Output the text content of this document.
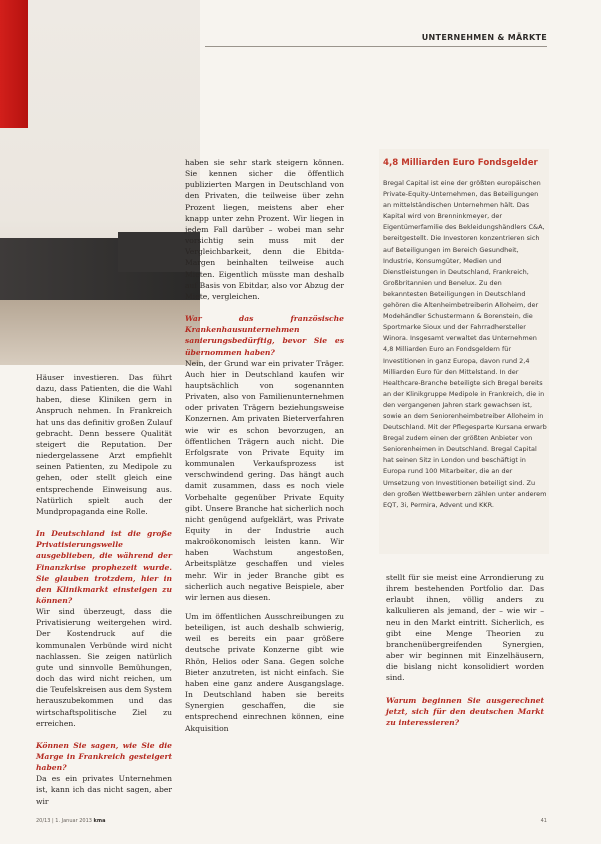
UNTERNEHMEN & MÄRKTE

Häuser investieren. Das führt dazu, dass Patienten, die die Wahl haben, diese Kliniken gern in Anspruch nehmen. In Frankreich hat uns das definitiv großen Zulauf gebracht. Denn bessere Qualität steigert die Reputation. Der niedergelassene Arzt empfiehlt seinen Patienten, zu Medipole zu gehen, oder stellt gleich eine entsprechende Einweisung aus. Natürlich spielt auch der Mundpropaganda eine Rolle.

In Deutschland ist die große Privatisierungswelle ausgeblieben, die während der Finanzkrise prophezeit wurde. Sie glauben trotzdem, hier in den Klinikmarkt einsteigen zu können?

Wir sind überzeugt, dass die Privatisierung weitergehen wird. Der Kostendruck auf die kommunalen Verbünde wird nicht nachlassen. Sie zeigen natürlich gute und sinnvolle Bemühungen, doch das wird nicht reichen, um die Teufelskreisen aus dem System herauszubekommen und das wirtschaftspolitische Ziel zu erreichen.

Können Sie sagen, wie Sie die Marge in Frankreich gesteigert haben?

Da es ein privates Unternehmen ist, kann ich das nicht sagen, aber wir

haben sie sehr stark steigern können. Sie kennen sicher die öffentlich publizierten Margen in Deutschland von den Privaten, die teilweise über zehn Prozent liegen, meistens aber eher knapp unter zehn Prozent. Wir liegen in jedem Fall darüber – wobei man sehr vorsichtig sein muss mit der Vergleichbarkeit, denn die Ebitda-Margen beinhalten teilweise auch Mieten. Eigentlich müsste man deshalb auf Basis von Ebitdar, also vor Abzug der Miete, vergleichen.

War das französische Krankenhausunternehmen sanierungsbedürftig, bevor Sie es übernommen haben?

Nein, der Grund war ein privater Träger. Auch hier in Deutschland kaufen wir hauptsächlich von sogenannten Privaten, also von Familienunternehmen oder privaten Trägern beziehungsweise Konzernen. Am privaten Bieterverfahren wie wir es schon bevorzugen, an öffentlichen Trägern auch nicht. Die Erfolgsrate von Private Equity im kommunalen Verkaufsprozess ist verschwindend gering. Das hängt auch damit zusammen, dass es noch viele Vorbehalte gegenüber Private Equity gibt. Unsere Branche hat sicherlich noch nicht genügend aufgeklärt, was Private Equity in der Industrie auch makroökonomisch leisten kann. Wir haben Wachstum angestoßen, Arbeitsplätze geschaffen und vieles mehr. Wir in jeder Branche gibt es sicherlich auch negative Beispiele, aber wir lernen aus diesen.

Um im öffentlichen Ausschreibungen zu beteiligen, ist auch deshalb schwierig, weil es bereits ein paar größere deutsche private Konzerne gibt wie Rhön, Helios oder Sana. Gegen solche Bieter anzutreten, ist nicht einfach. Sie haben eine ganz andere Ausgangslage. In Deutschland haben sie bereits Synergien geschaffen, die sie entsprechend einrechnen können, eine Akquisition

4,8 Milliarden Euro Fondsgelder
Bregal Capital ist eine der größten europäischen Private-Equity-Unternehmen, das Beteiligungen an mittelständischen Unternehmen hält. Das Kapital wird von Brenninkmeyer, der Eigentümerfamilie des Bekleidungshändlers C&A, bereitgestellt. Die Investoren konzentrieren sich auf Beteiligungen im Bereich Gesundheit, Industrie, Konsumgüter, Medien und Dienstleistungen in Deutschland, Frankreich, Großbritannien und Benelux. Zu den bekanntesten Beteiligungen in Deutschland gehören die Altenheimbetreiberin Alloheim, der Modehändler Schustermann & Borenstein, die Sportmarke Sioux und der Fahrradhersteller Winora. Insgesamt verwaltet das Unternehmen 4,8 Milliarden Euro an Fondsgeldern für Investitionen in ganz Europa, davon rund 2,4 Milliarden Euro für den Mittelstand. In der Healthcare-Branche beteiligte sich Bregal bereits an der Klinikgruppe Medipole in Frankreich, die in den vergangenen Jahren stark gewachsen ist, sowie an dem Seniorenheimbetreiber Alloheim in Deutschland. Mit der Pflegesparte Kursana erwarb Bregal zudem einen der größten Anbieter von Seniorenheimen in Deutschland. Bregal Capital hat seinen Sitz in London und beschäftigt in Europa rund 100 Mitarbeiter, die an der Umsetzung von Investitionen beteiligt sind. Zu den großen Wettbewerbern zählen unter anderem EQT, 3i, Permira, Advent und KKR.

stellt für sie meist eine Arrondierung zu ihrem bestehenden Portfolio dar. Das erlaubt ihnen, völlig anders zu kalkulieren als jemand, der – wie wir – neu in den Markt eintritt. Sicherlich, es gibt eine Menge Theorien zu branchenübergreifenden Synergien, aber wir beginnen mit Einzelhäusern, die bislang nicht konsolidiert worden sind.

Warum beginnen Sie ausgerechnet jetzt, sich für den deutschen Markt zu interessieren?

20/13 | 1. Januar 2013 kma	41
